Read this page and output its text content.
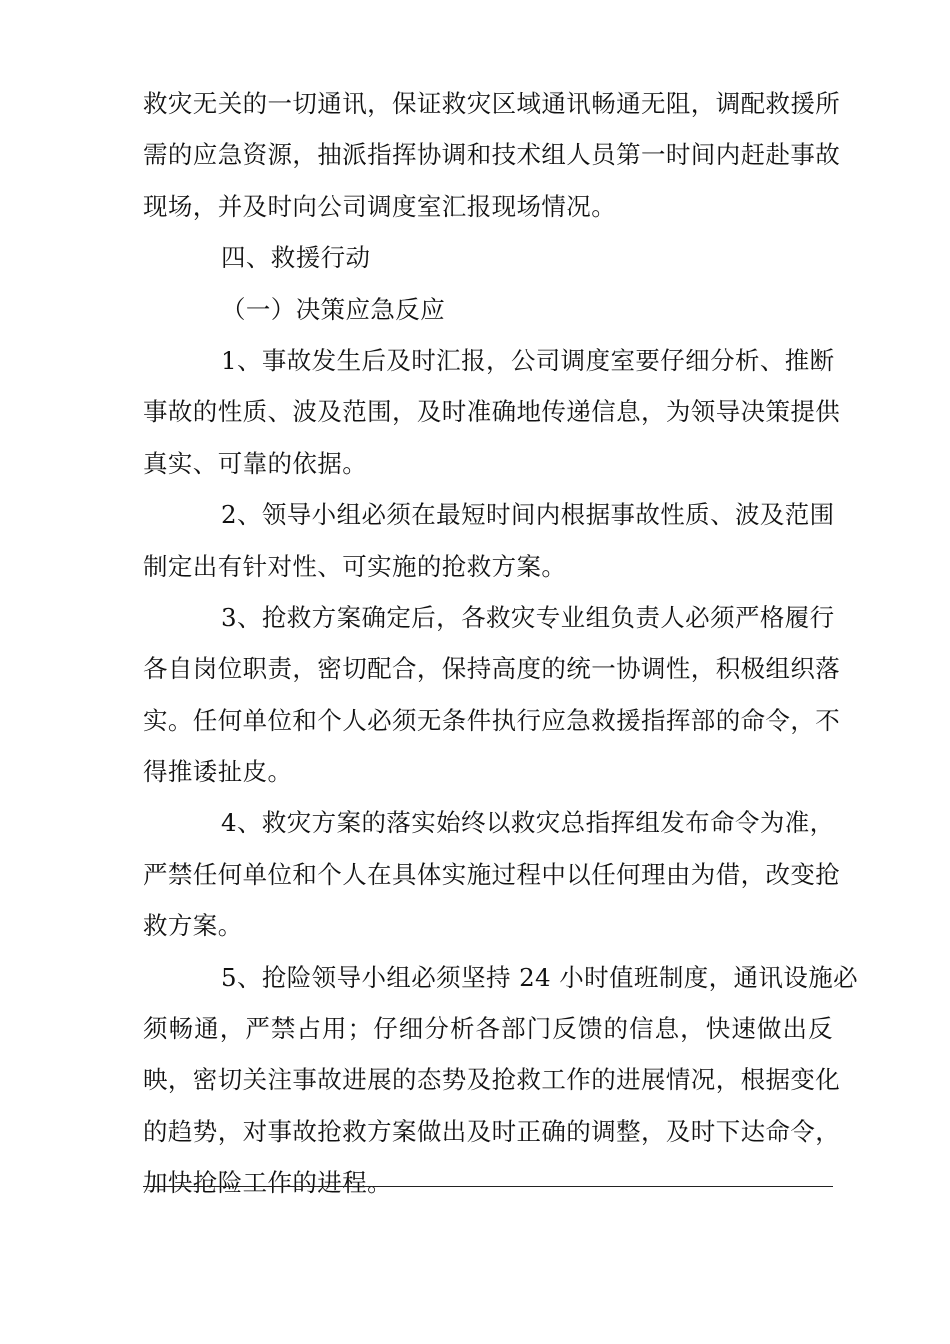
救灾无关的一切通讯，保证救灾区域通讯畅通无阻，调配救援所
需的应急资源，抽派指挥协调和技术组人员第一时间内赶赴事故
现场，并及时向公司调度室汇报现场情况。
四、救援行动
（一）决策应急反应
1、事故发生后及时汇报，公司调度室要仔细分析、推断
事故的性质、波及范围，及时准确地传递信息，为领导决策提供
真实、可靠的依据。
2、领导小组必须在最短时间内根据事故性质、波及范围
制定出有针对性、可实施的抢救方案。
3、抢救方案确定后，各救灾专业组负责人必须严格履行
各自岗位职责，密切配合，保持高度的统一协调性，积极组织落
实。任何单位和个人必须无条件执行应急救援指挥部的命令，不
得推诿扯皮。
4、救灾方案的落实始终以救灾总指挥组发布命令为准，
严禁任何单位和个人在具体实施过程中以任何理由为借，改变抢
救方案。
5、抢险领导小组必须坚持 24 小时值班制度，通讯设施必
须畅通，严禁占用；仔细分析各部门反馈的信息，快速做出反
映，密切关注事故进展的态势及抢救工作的进展情况，根据变化
的趋势，对事故抢救方案做出及时正确的调整，及时下达命令，
加快抢险工作的进程。
